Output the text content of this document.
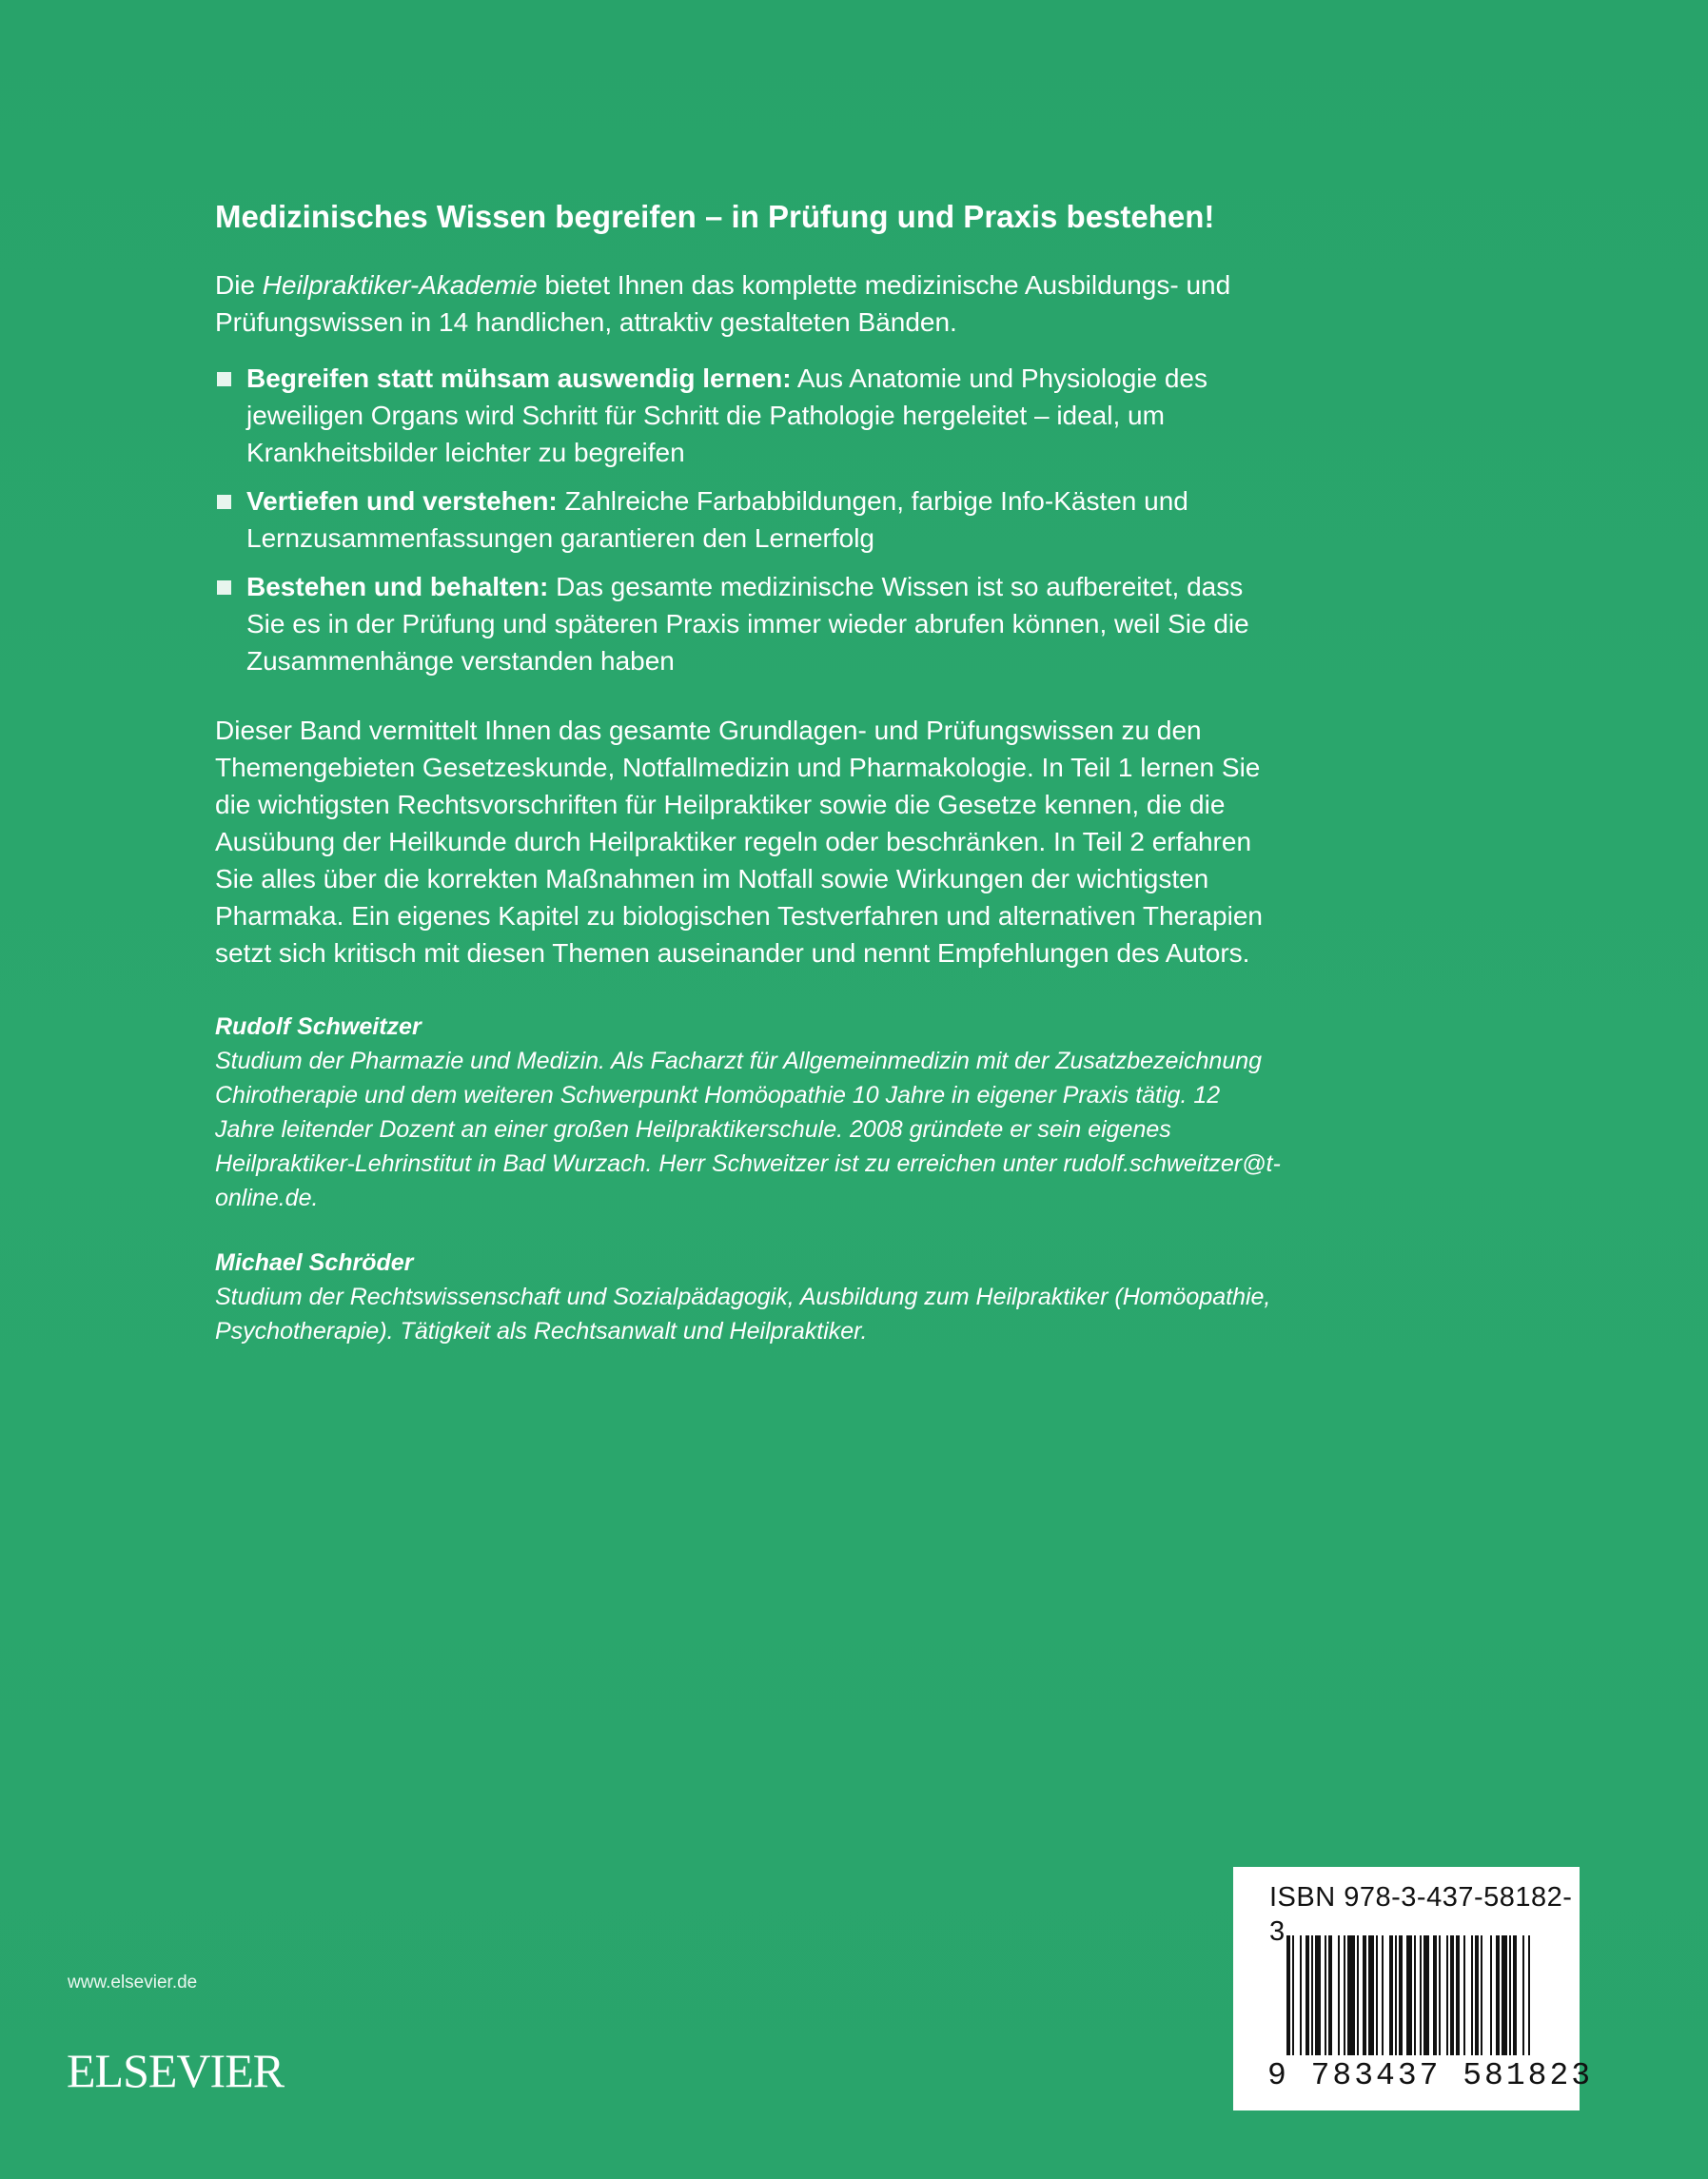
Medizinisches Wissen begreifen – in Prüfung und Praxis bestehen!

Die Heilpraktiker-Akademie bietet Ihnen das komplette medizinische Ausbildungs- und Prüfungswissen in 14 handlichen, attraktiv gestalteten Bänden.

Begreifen statt mühsam auswendig lernen: Aus Anatomie und Physiologie des jeweiligen Organs wird Schritt für Schritt die Pathologie hergeleitet – ideal, um Krankheitsbilder leichter zu begreifen
Vertiefen und verstehen: Zahlreiche Farbabbildungen, farbige Info-Kästen und Lernzusammenfassungen garantieren den Lernerfolg
Bestehen und behalten: Das gesamte medizinische Wissen ist so aufbereitet, dass Sie es in der Prüfung und späteren Praxis immer wieder abrufen können, weil Sie die Zusammenhänge verstanden haben

Dieser Band vermittelt Ihnen das gesamte Grundlagen- und Prüfungswissen zu den Themengebieten Gesetzeskunde, Notfallmedizin und Pharmakologie. In Teil 1 lernen Sie die wichtigsten Rechtsvorschriften für Heilpraktiker sowie die Gesetze kennen, die die Ausübung der Heilkunde durch Heilpraktiker regeln oder beschränken. In Teil 2 erfahren Sie alles über die korrekten Maßnahmen im Notfall sowie Wirkungen der wichtigsten Pharmaka. Ein eigenes Kapitel zu biologischen Testverfahren und alternativen Therapien setzt sich kritisch mit diesen Themen auseinander und nennt Empfehlungen des Autors.

Rudolf Schweitzer
Studium der Pharmazie und Medizin. Als Facharzt für Allgemeinmedizin mit der Zusatzbezeichnung Chirotherapie und dem weiteren Schwerpunkt Homöopathie 10 Jahre in eigener Praxis tätig. 12 Jahre leitender Dozent an einer großen Heilpraktikerschule. 2008 gründete er sein eigenes Heilpraktiker-Lehrinstitut in Bad Wurzach. Herr Schweitzer ist zu erreichen unter rudolf.schweitzer@t-online.de.
Michael Schröder
Studium der Rechtswissenschaft und Sozialpädagogik, Ausbildung zum Heilpraktiker (Homöopathie, Psychotherapie). Tätigkeit als Rechtsanwalt und Heilpraktiker.
www.elsevier.de
ELSEVIER
ISBN 978-3-437-58182-3
9 783437 581823
